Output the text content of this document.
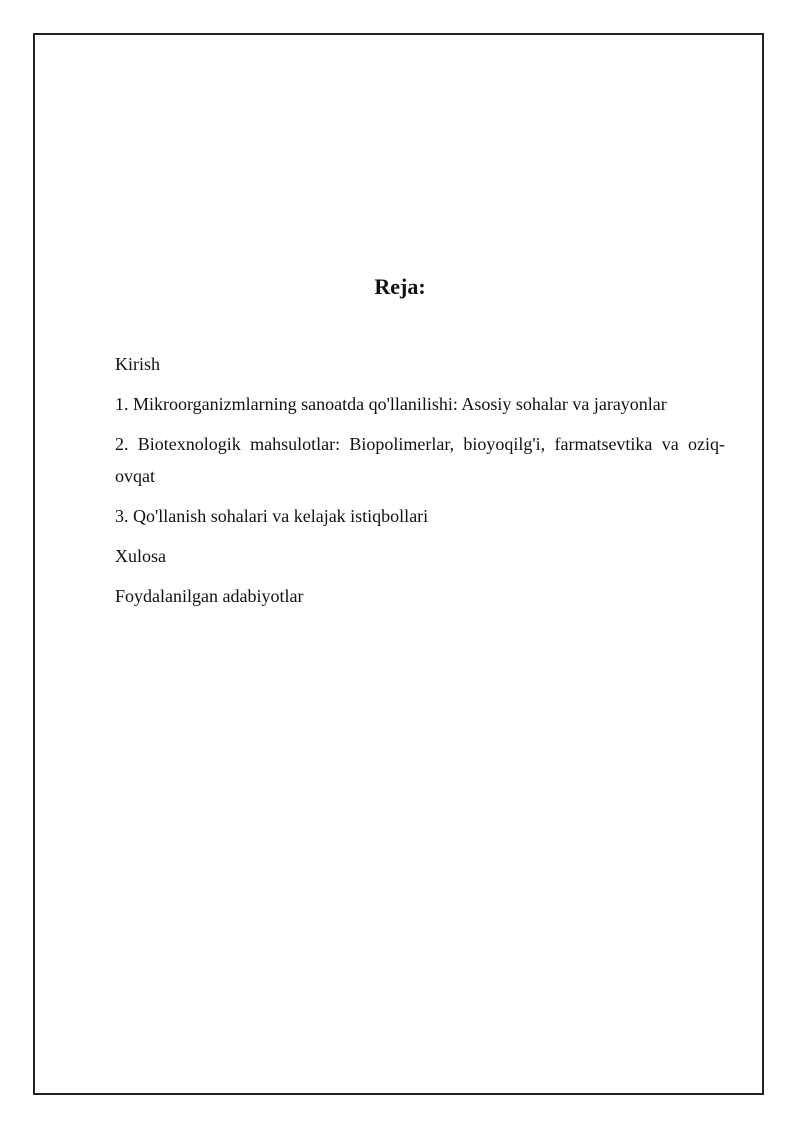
Reja:

Kirish

1. Mikroorganizmlarning sanoatda qo'llanilishi: Asosiy sohalar va jarayonlar

2. Biotexnologik mahsulotlar: Biopolimerlar, bioyoqilg'i, farmatsevtika va oziq-ovqat

3. Qo'llanish sohalari va kelajak istiqbollari

Xulosa

Foydalanilgan adabiyotlar
